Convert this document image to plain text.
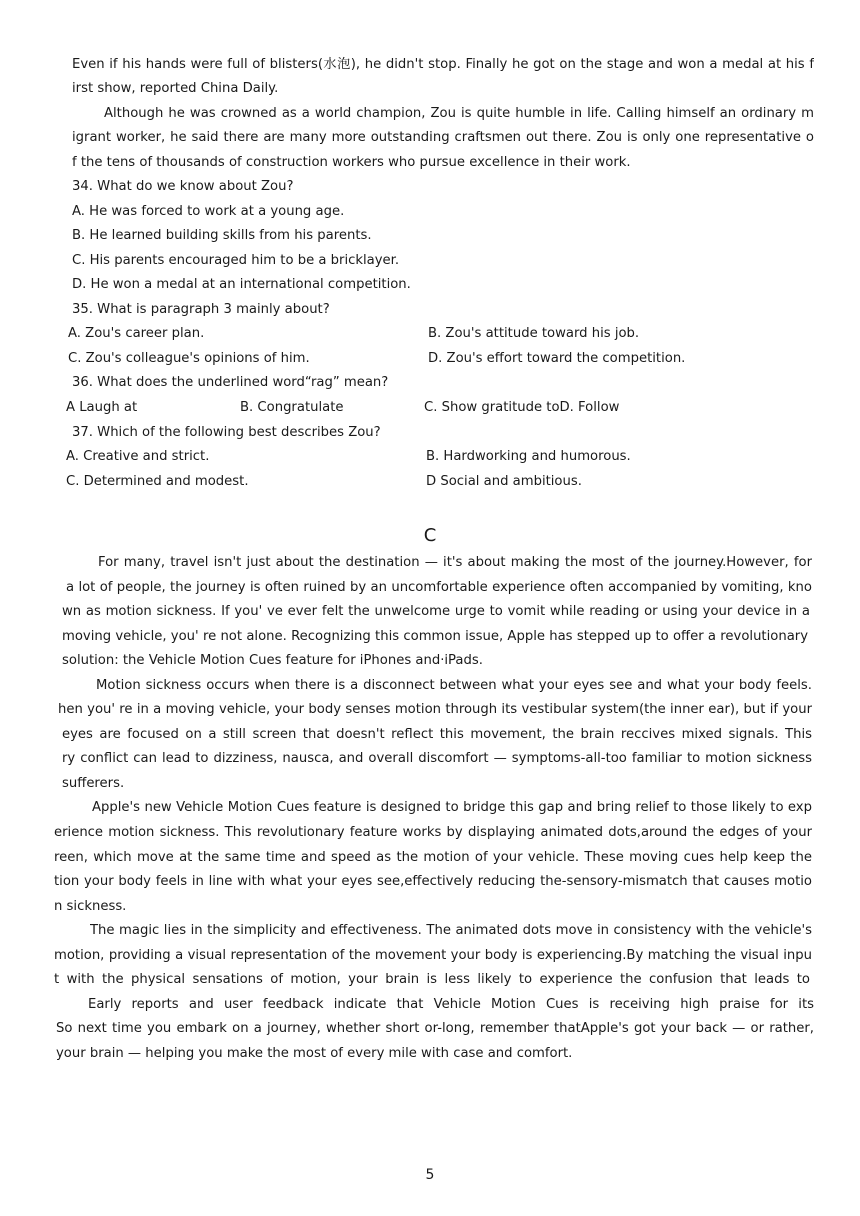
Even if his hands were full of blisters(水泡), he didn't stop. Finally he got on the stage and won a medal at his f
irst show, reported China Daily.
Although he was crowned as a world champion, Zou is quite humble in life. Calling himself an ordinary m
igrant worker, he said there are many more outstanding craftsmen out there. Zou is only one representative o
f the tens of thousands of construction workers who pursue excellence in their work.
34. What do we know about Zou?
A. He was forced to work at a young age.
B. He learned building skills from his parents.
C. His parents encouraged him to be a bricklayer.
D. He won a medal at an international competition.
35. What is paragraph 3 mainly about?
A. Zou's career plan.	B. Zou's attitude toward his job.
C. Zou's colleague's opinions of him.	D. Zou's effort toward the competition.
36. What does the underlined word“rag” mean?
A Laugh at	B. Congratulate	C. Show gratitude toD. Follow
37. Which of the following best describes Zou?
A. Creative and strict.	B. Hardworking and humorous.
C. Determined and modest.	D Social and ambitious.
C
For many, travel isn't just about the destination — it's about making the most of the journey.However, for
a lot of people, the journey is often ruined by an uncomfortable experience often accompanied by vomiting, kno
wn as motion sickness. If you' ve ever felt the unwelcome urge to vomit while reading or using your device in a
moving vehicle, you' re not alone. Recognizing this common issue, Apple has stepped up to offer a revolutionary
solution: the Vehicle Motion Cues feature for iPhones and·iPads.
Motion sickness occurs when there is a disconnect between what your eyes see and what your body feels.
hen you' re in a moving vehicle, your body senses motion through its vestibular system(the inner ear), but if your
eyes are focused on a still screen that doesn't reflect this movement, the brain reccives mixed signals. This
ry conflict can lead to dizziness, nausca, and overall discomfort — symptoms-all-too familiar to motion sickness
sufferers.
Apple's new Vehicle Motion Cues feature is designed to bridge this gap and bring relief to those likely to exp
erience motion sickness. This revolutionary feature works by displaying animated dots,around the edges of your
reen, which move at the same time and speed as the motion of your vehicle. These moving cues help keep the
tion your body feels in line with what your eyes see,effectively reducing the-sensory-mismatch that causes motio
n sickness.
The magic lies in the simplicity and effectiveness. The animated dots move in consistency with the vehicle's
motion, providing a visual representation of the movement your body is experiencing.By matching the visual inpu
t with the physical sensations of motion, your brain is less likely to experience the confusion that leads to
Early reports and user feedback indicate that Vehicle Motion Cues is receiving high praise for its
So next time you embark on a journey, whether short or-long, remember thatApple's got your back — or rather,
your brain — helping you make the most of every mile with case and comfort.
5
